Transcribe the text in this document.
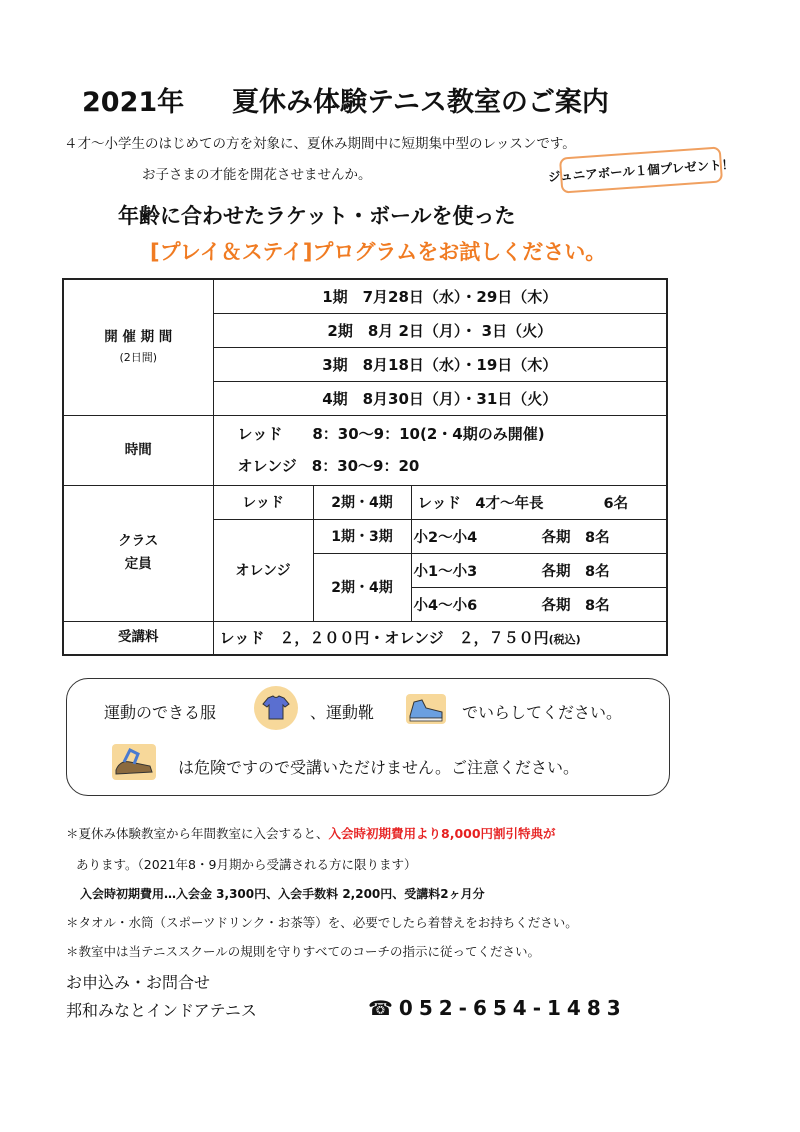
2021年 夏休み体験テニス教室のご案内
４才～小学生のはじめての方を対象に、夏休み期間中に短期集中型のレッスンです。
お子さまの才能を開花させませんか。	ジュニアボール１個プレゼント！
年齢に合わせたラケット・ボールを使った
[プレイ＆ステイ]プログラムをお試しください。
開 催 期 間
(2日間)	1期　7月28日（水）・29日（木）		
	2期　8月 2日（月）・ 3日（火）		
	3期　8月18日（水）・19日（木）		
	4期　8月30日（月）・31日（火）		
時間	レッド　　8：30～9：10(2・4期のみ開催)
オレンジ　8：30～9：20		

クラス
定員	レッド	2期・4期	レッド　4才～年長 6名
	オレンジ	1期・3期	小2～小4 各期　8名
		2期・4期	小1～小3 各期　8名
			小4～小6 各期　8名
受講料	レッド　２，２００円・オレンジ　２，７５０円(税込)		
運動のできる服	、運動靴	でいらしてください。
は危険ですので受講いただけません。ご注意ください。
＊夏休み体験教室から年間教室に入会すると、入会時初期費用より8,000円割引特典が
あります。（2021年8・9月期から受講される方に限ります）
入会時初期費用…入会金 3,300円、入会手数料 2,200円、受講料2ヶ月分
＊タオル・水筒（スポーツドリンク・お茶等）を、必要でしたら着替えをお持ちください。
＊教室中は当テニススクールの規則を守りすべてのコーチの指示に従ってください。
お申込み・お問合せ
邦和みなとインドアテニス	☎052-654-1483
